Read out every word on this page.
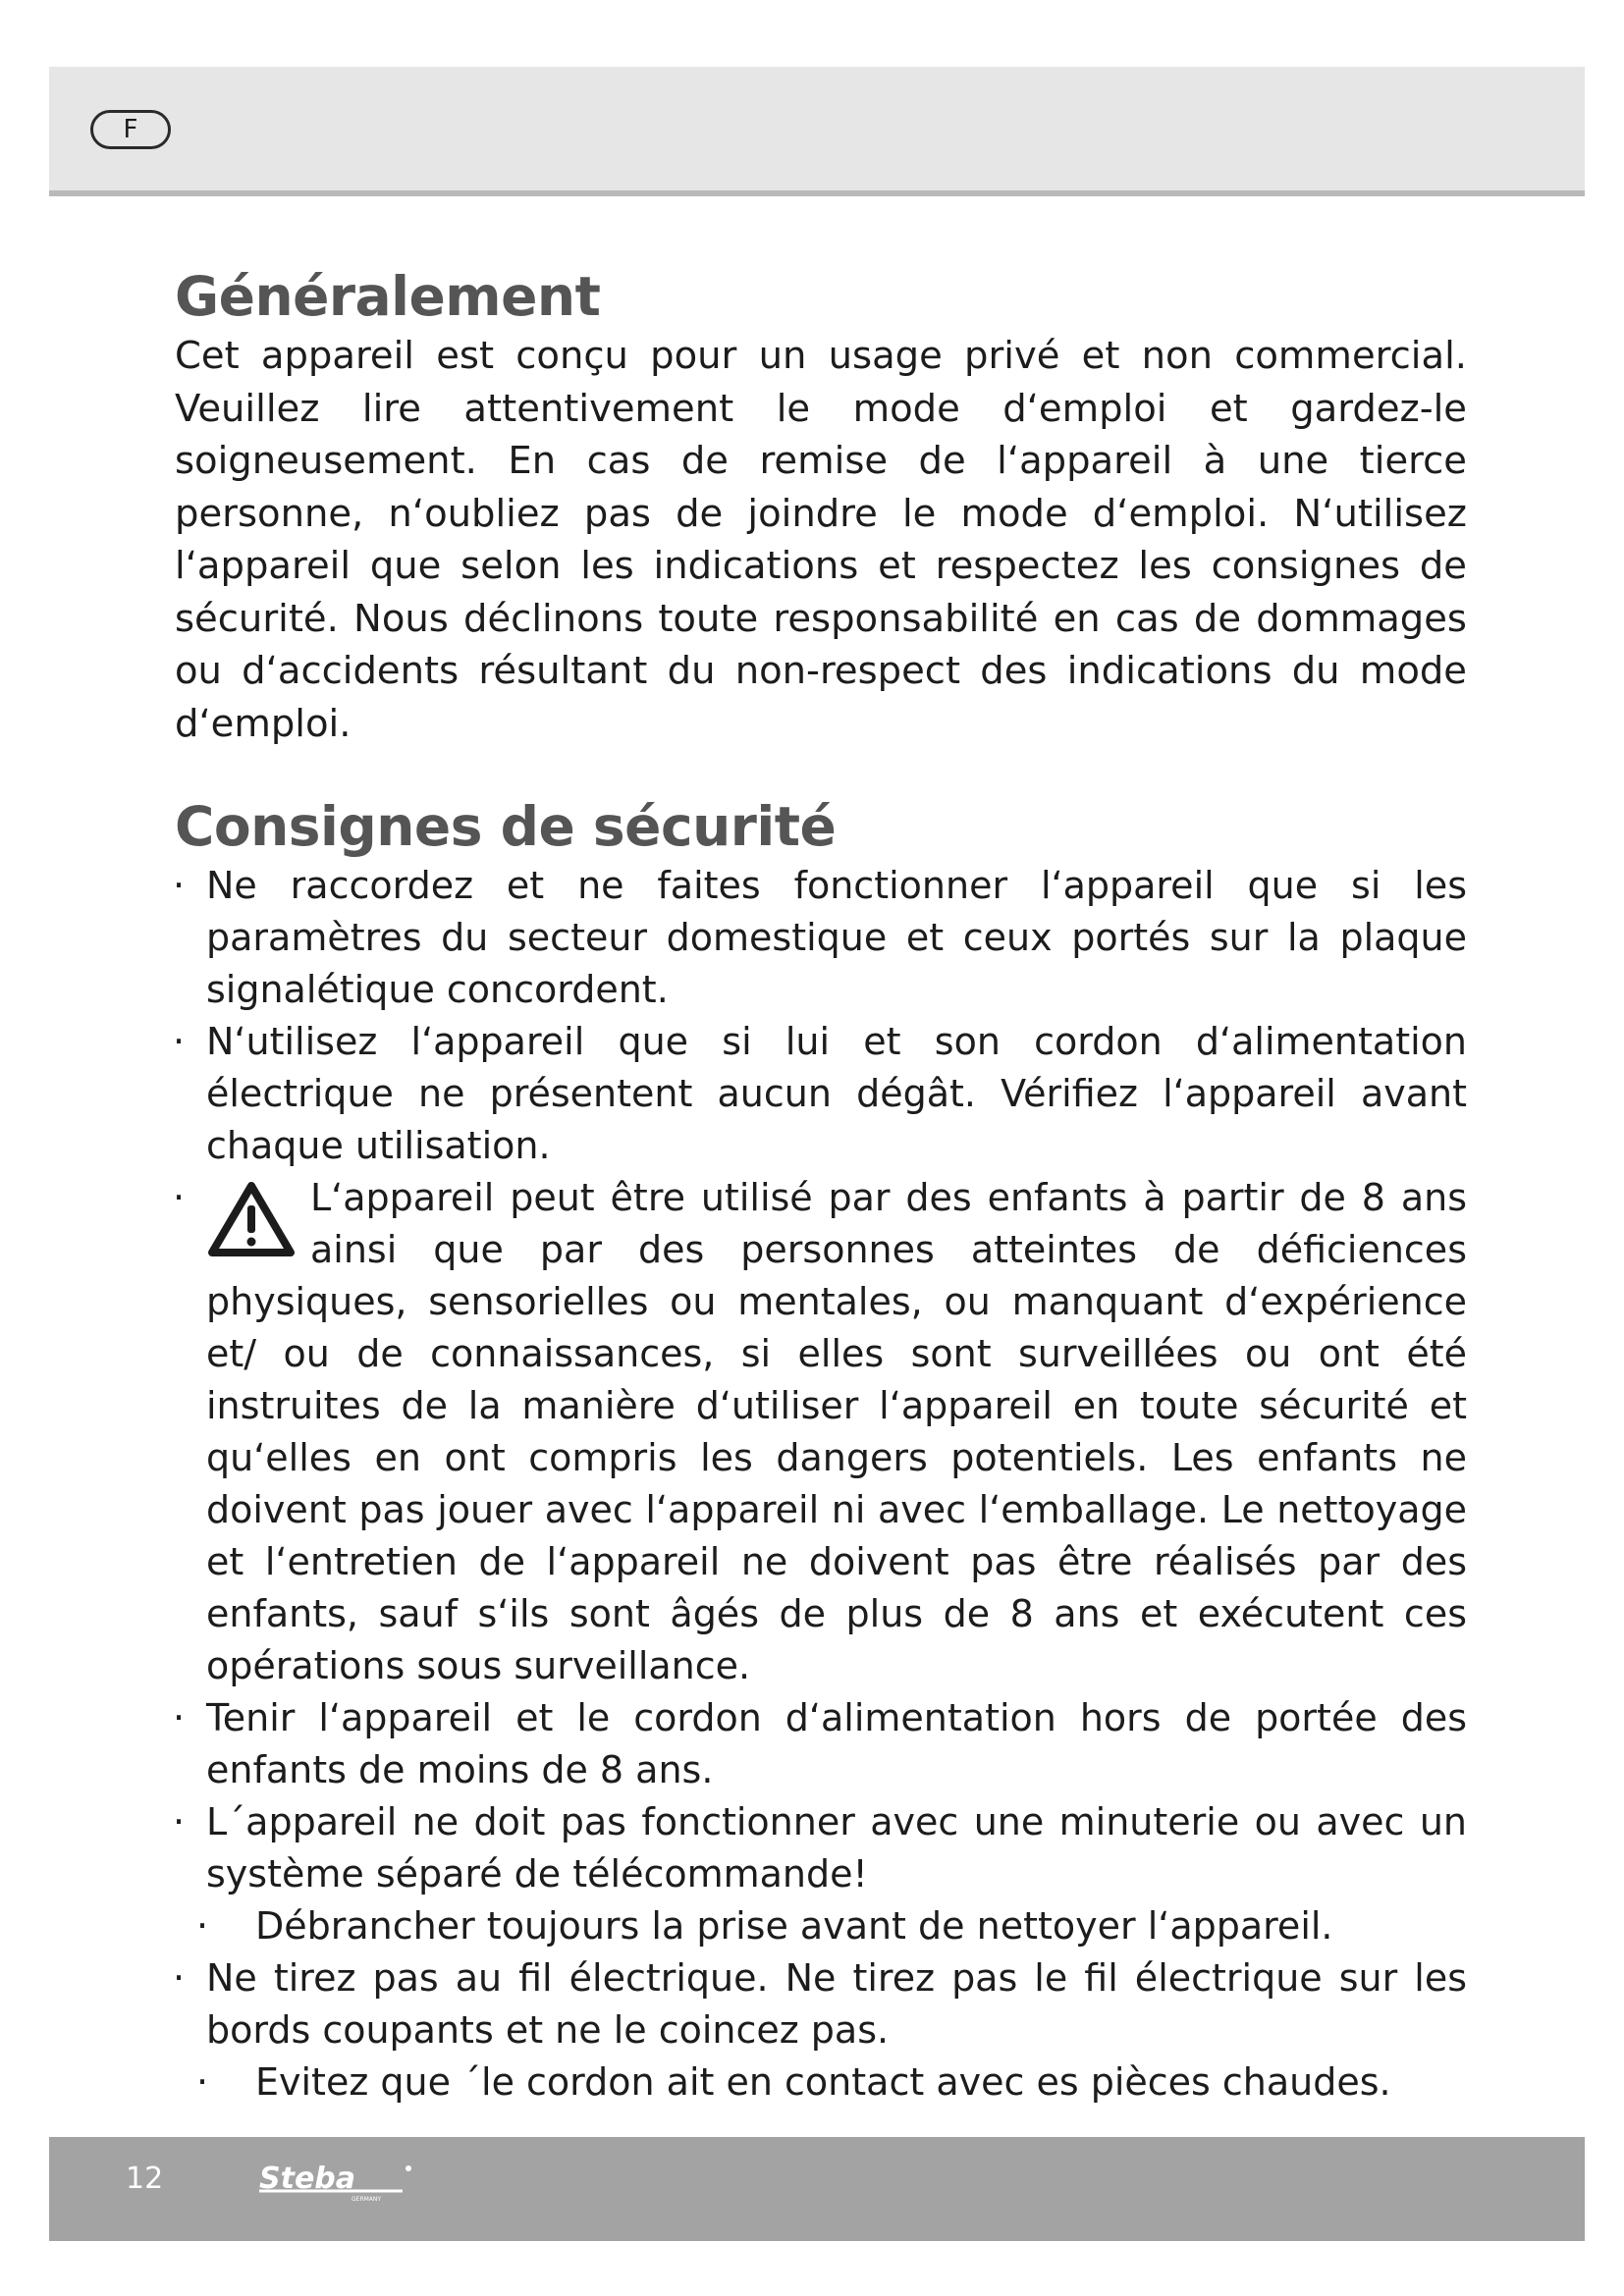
F
Généralement

Cet appareil est conçu pour un usage privé et non commercial. Veuillez lire attentivement le mode d‘emploi et gardez-le soigneusement. En cas de remise de l‘appareil à une tierce personne, n‘oubliez pas de joindre le mode d‘emploi. N‘utilisez l‘appareil que selon les indications et respectez les consignes de sécurité. Nous déclinons toute responsabilité en cas de dommages ou d‘accidents résultant du non-respect des indications du mode d‘emploi.

Consignes de sécurité
· Ne raccordez et ne faites fonctionner l‘appareil que si les paramètres du secteur domestique et ceux portés sur la plaque signalétique concordent.
· N‘utilisez l‘appareil que si lui et son cordon d‘alimentation électrique ne présentent aucun dégât. Vérifiez l‘appareil avant chaque utilisation.
·	L‘appareil peut être utilisé par des enfants à partir de 8 ans ainsi que par des personnes atteintes de déficiences physiques, sensorielles ou mentales, ou manquant d‘expérience et/ ou de connaissances, si elles sont surveillées ou ont été instruites de la manière d‘utiliser l‘appareil en toute sécurité et qu‘elles en ont compris les dangers potentiels. Les enfants ne doivent pas jouer avec l‘appareil ni avec l‘emballage. Le nettoyage et l‘entretien de l‘appareil ne doivent pas être réalisés par des enfants, sauf s‘ils sont âgés de plus de 8 ans et exécutent ces opérations sous surveillance.
· Tenir l‘appareil et le cordon d‘alimentation hors de portée des enfants de moins de 8 ans.
· L´appareil ne doit pas fonctionner avec une minuterie ou avec un système séparé de télécommande!
· Débrancher toujours la prise avant de nettoyer l‘appareil.
· Ne tirez pas au fil électrique. Ne tirez pas le fil électrique sur les bords coupants et ne le coincez pas.
· Evitez que ´le cordon ait en contact avec es pièces chaudes.
12	Steba
GERMANY
